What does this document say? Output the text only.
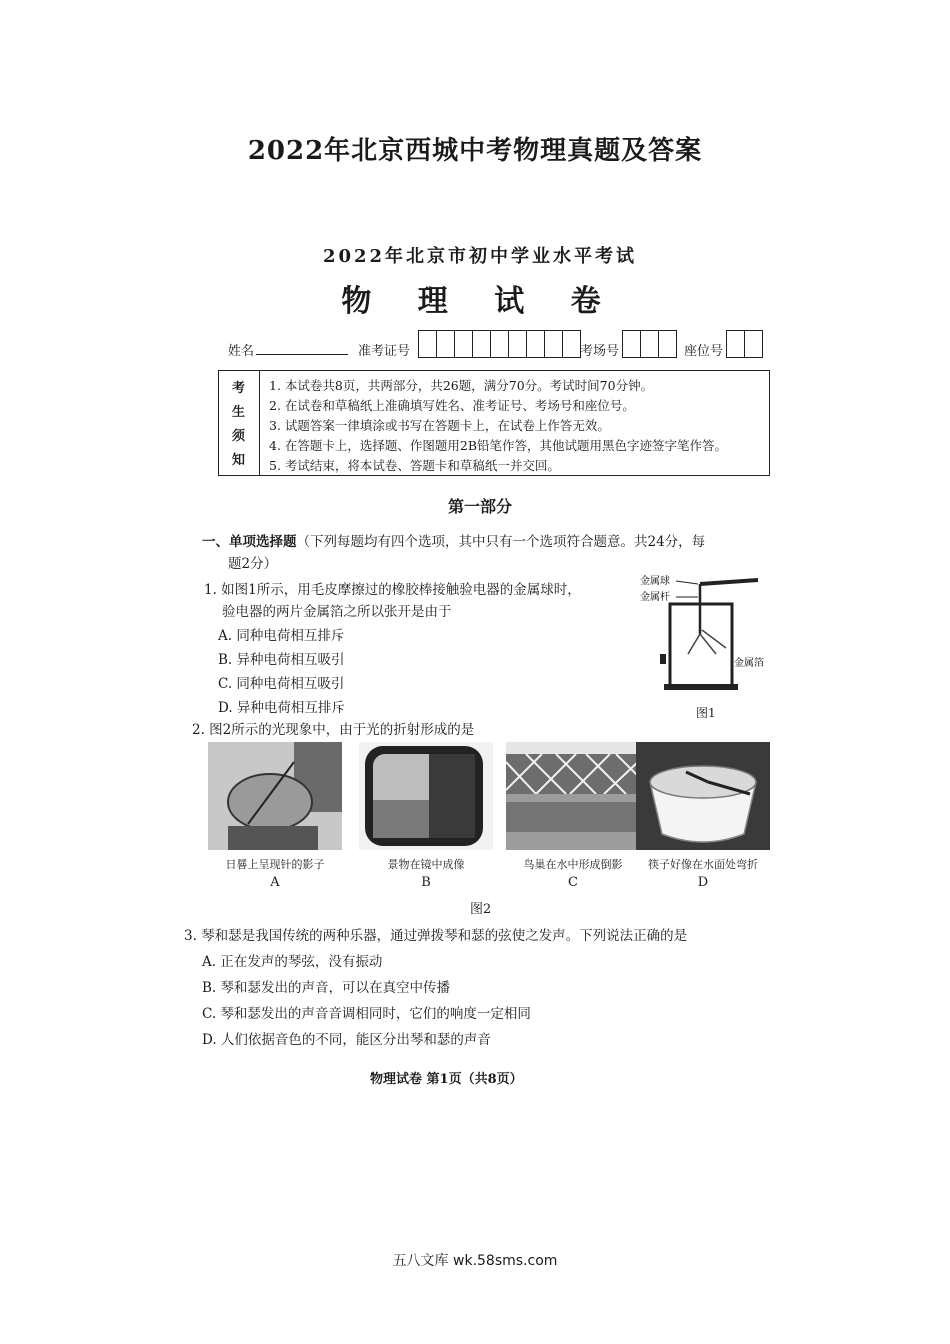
2022年北京西城中考物理真题及答案
2022年北京市初中学业水平考试
物 理 试 卷
姓名	准考证号	考场号	座位号
考
生
须
知
1. 本试卷共8页，共两部分，共26题，满分70分。考试时间70分钟。
2. 在试卷和草稿纸上准确填写姓名、准考证号、考场号和座位号。
3. 试题答案一律填涂或书写在答题卡上，在试卷上作答无效。
4. 在答题卡上，选择题、作图题用2B铅笔作答，其他试题用黑色字迹签字笔作答。
5. 考试结束，将本试卷、答题卡和草稿纸一并交回。
第一部分
一、单项选择题（下列每题均有四个选项，其中只有一个选项符合题意。共24分，每
题2分）
1. 如图1所示，用毛皮摩擦过的橡胶棒接触验电器的金属球时，
验电器的两片金属箔之所以张开是由于
A. 同种电荷相互排斥
B. 异种电荷相互吸引
C. 同种电荷相互吸引
D. 异种电荷相互排斥
金属球
金属杆
金属箔
图1
2. 图2所示的光现象中，由于光的折射形成的是
日晷上呈现针的影子	景物在镜中成像	鸟巢在水中形成倒影	筷子好像在水面处弯折
A	B	C	D
图2
3. 琴和瑟是我国传统的两种乐器，通过弹拨琴和瑟的弦使之发声。下列说法正确的是
A. 正在发声的琴弦，没有振动
B. 琴和瑟发出的声音，可以在真空中传播
C. 琴和瑟发出的声音音调相同时，它们的响度一定相同
D. 人们依据音色的不同，能区分出琴和瑟的声音
物理试卷 第1页（共8页）
五八文库 wk.58sms.com
